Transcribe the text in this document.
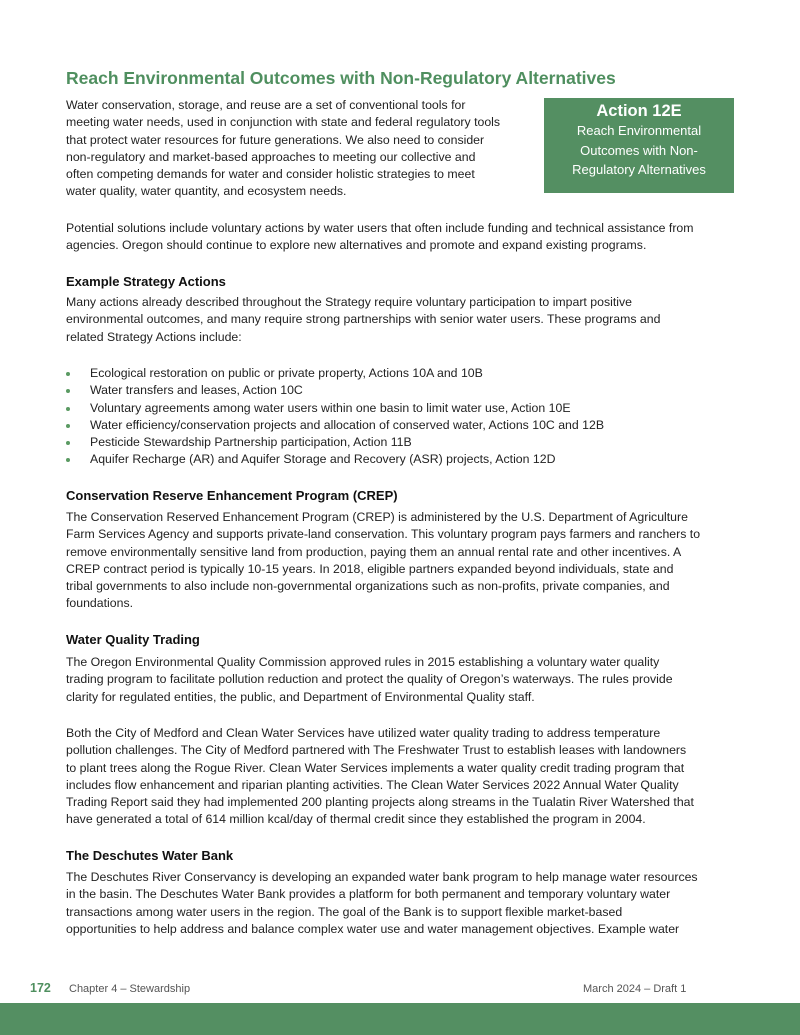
Reach Environmental Outcomes with Non-Regulatory Alternatives
Water conservation, storage, and reuse are a set of conventional tools for
meeting water needs, used in conjunction with state and federal regulatory tools
that protect water resources for future generations. We also need to consider
non-regulatory and market-based approaches to meeting our collective and
often competing demands for water and consider holistic strategies to meet
water quality, water quantity, and ecosystem needs.
Action 12E
Reach Environmental
Outcomes with Non-
Regulatory Alternatives
Potential solutions include voluntary actions by water users that often include funding and technical assistance from
agencies. Oregon should continue to explore new alternatives and promote and expand existing programs.
Example Strategy Actions
Many actions already described throughout the Strategy require voluntary participation to impart positive
environmental outcomes, and many require strong partnerships with senior water users. These programs and
related Strategy Actions include:
Ecological restoration on public or private property, Actions 10A and 10B
Water transfers and leases, Action 10C
Voluntary agreements among water users within one basin to limit water use, Action 10E
Water efficiency/conservation projects and allocation of conserved water, Actions 10C and 12B
Pesticide Stewardship Partnership participation, Action 11B
Aquifer Recharge (AR) and Aquifer Storage and Recovery (ASR) projects, Action 12D
Conservation Reserve Enhancement Program (CREP)
The Conservation Reserved Enhancement Program (CREP) is administered by the U.S. Department of Agriculture
Farm Services Agency and supports private-land conservation. This voluntary program pays farmers and ranchers to
remove environmentally sensitive land from production, paying them an annual rental rate and other incentives. A
CREP contract period is typically 10-15 years. In 2018, eligible partners expanded beyond individuals, state and
tribal governments to also include non-governmental organizations such as non-profits, private companies, and
foundations.
Water Quality Trading
The Oregon Environmental Quality Commission approved rules in 2015 establishing a voluntary water quality
trading program to facilitate pollution reduction and protect the quality of Oregon’s waterways. The rules provide
clarity for regulated entities, the public, and Department of Environmental Quality staff.
Both the City of Medford and Clean Water Services have utilized water quality trading to address temperature
pollution challenges. The City of Medford partnered with The Freshwater Trust to establish leases with landowners
to plant trees along the Rogue River. Clean Water Services implements a water quality credit trading program that
includes flow enhancement and riparian planting activities. The Clean Water Services 2022 Annual Water Quality
Trading Report said they had implemented 200 planting projects along streams in the Tualatin River Watershed that
have generated a total of 614 million kcal/day of thermal credit since they established the program in 2004.
The Deschutes Water Bank
The Deschutes River Conservancy is developing an expanded water bank program to help manage water resources
in the basin. The Deschutes Water Bank provides a platform for both permanent and temporary voluntary water
transactions among water users in the region. The goal of the Bank is to support flexible market-based
opportunities to help address and balance complex water use and water management objectives. Example water
172 Chapter 4 – Stewardship	March 2024 – Draft 1
